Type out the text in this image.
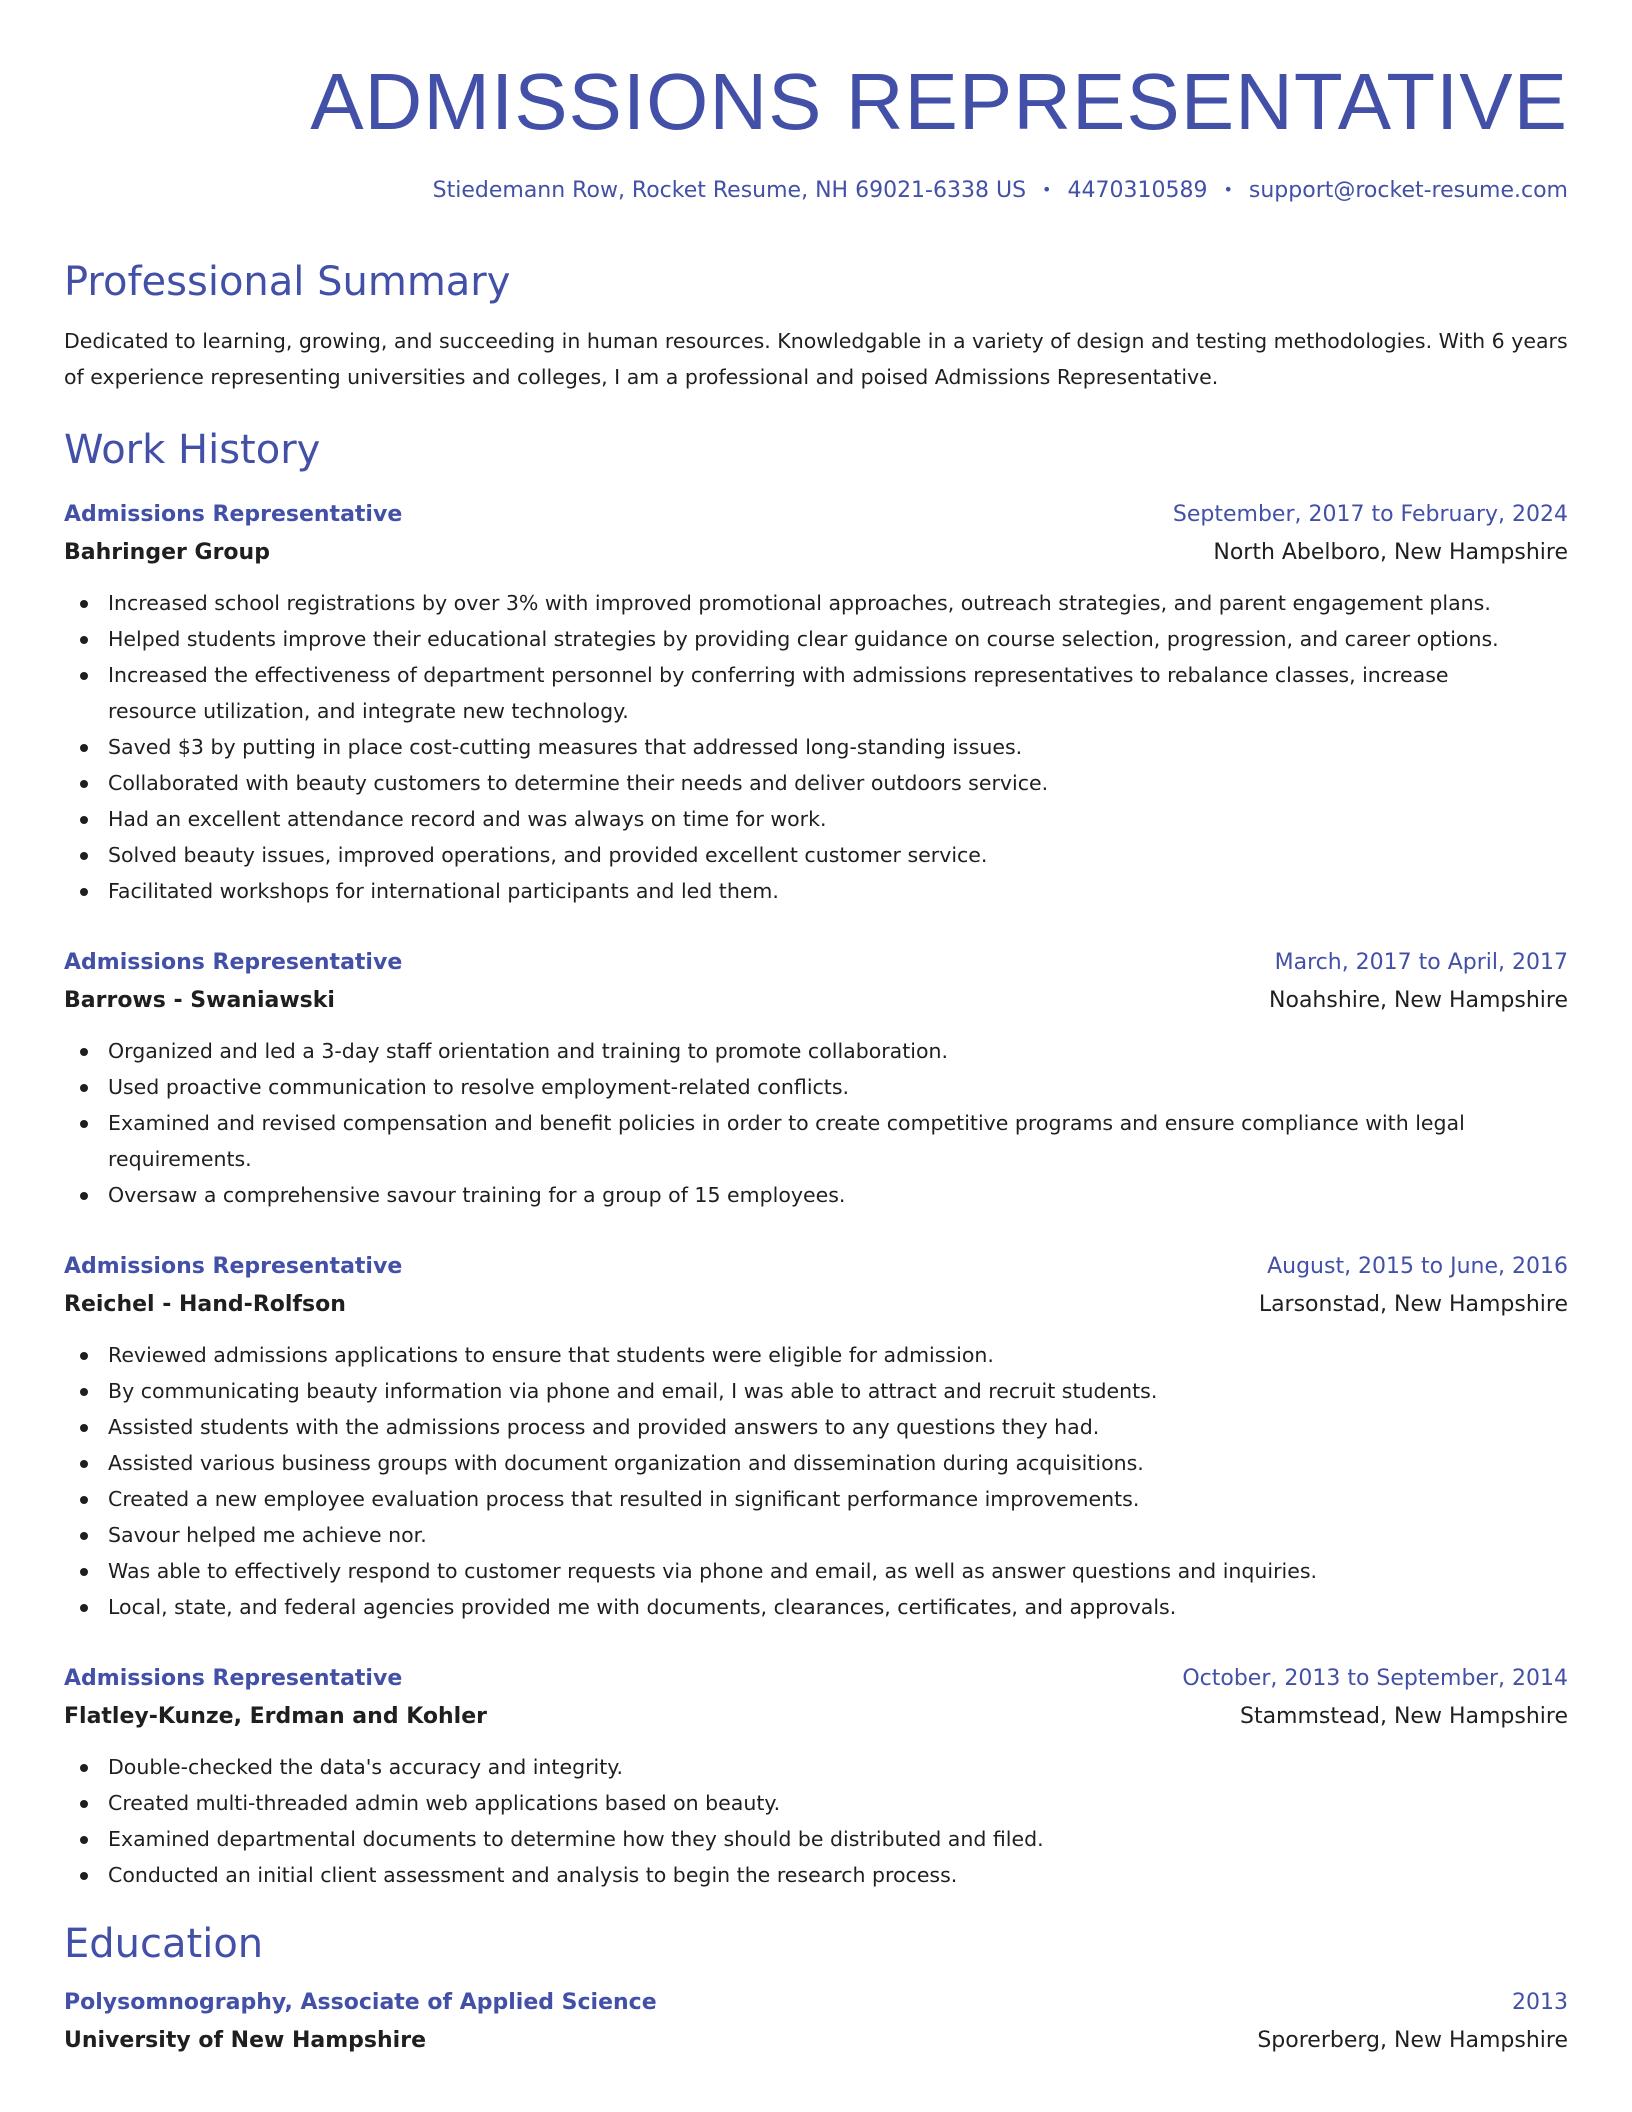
ADMISSIONS REPRESENTATIVE
Stiedemann Row, Rocket Resume, NH 69021-6338 US • 4470310589 • support@rocket-resume.com
Professional Summary

Dedicated to learning, growing, and succeeding in human resources. Knowledgable in a variety of design and testing methodologies. With 6 years of experience representing universities and colleges, I am a professional and poised Admissions Representative.

Work History
Admissions Representative	September, 2017 to February, 2024
Bahringer Group	North Abelboro, New Hampshire
Increased school registrations by over 3% with improved promotional approaches, outreach strategies, and parent engagement plans.
Helped students improve their educational strategies by providing clear guidance on course selection, progression, and career options.
Increased the effectiveness of department personnel by conferring with admissions representatives to rebalance classes, increase resource utilization, and integrate new technology.
Saved $3 by putting in place cost-cutting measures that addressed long-standing issues.
Collaborated with beauty customers to determine their needs and deliver outdoors service.
Had an excellent attendance record and was always on time for work.
Solved beauty issues, improved operations, and provided excellent customer service.
Facilitated workshops for international participants and led them.
Admissions Representative	March, 2017 to April, 2017
Barrows - Swaniawski	Noahshire, New Hampshire
Organized and led a 3-day staff orientation and training to promote collaboration.
Used proactive communication to resolve employment-related conflicts.
Examined and revised compensation and benefit policies in order to create competitive programs and ensure compliance with legal requirements.
Oversaw a comprehensive savour training for a group of 15 employees.
Admissions Representative	August, 2015 to June, 2016
Reichel - Hand-Rolfson	Larsonstad, New Hampshire
Reviewed admissions applications to ensure that students were eligible for admission.
By communicating beauty information via phone and email, I was able to attract and recruit students.
Assisted students with the admissions process and provided answers to any questions they had.
Assisted various business groups with document organization and dissemination during acquisitions.
Created a new employee evaluation process that resulted in significant performance improvements.
Savour helped me achieve nor.
Was able to effectively respond to customer requests via phone and email, as well as answer questions and inquiries.
Local, state, and federal agencies provided me with documents, clearances, certificates, and approvals.
Admissions Representative	October, 2013 to September, 2014
Flatley-Kunze, Erdman and Kohler	Stammstead, New Hampshire
Double-checked the data's accuracy and integrity.
Created multi-threaded admin web applications based on beauty.
Examined departmental documents to determine how they should be distributed and filed.
Conducted an initial client assessment and analysis to begin the research process.
Education
Polysomnography, Associate of Applied Science	2013
University of New Hampshire	Sporerberg, New Hampshire
